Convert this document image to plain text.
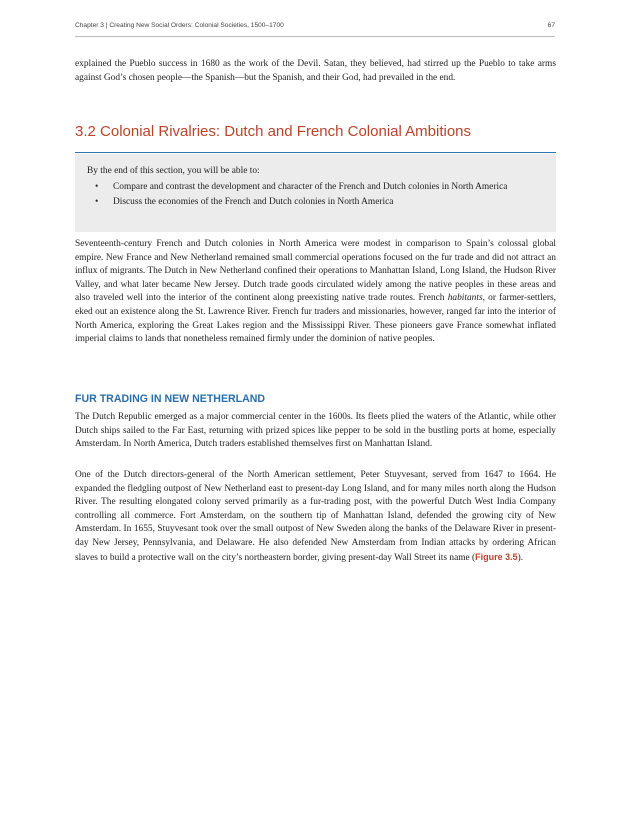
Chapter 3 | Creating New Social Orders: Colonial Societies, 1500–1700	67

explained the Pueblo success in 1680 as the work of the Devil. Satan, they believed, had stirred up the Pueblo to take arms against God’s chosen people—the Spanish—but the Spanish, and their God, had prevailed in the end.

3.2 Colonial Rivalries: Dutch and French Colonial Ambitions
By the end of this section, you will be able to:
• Compare and contrast the development and character of the French and Dutch colonies in North America
• Discuss the economies of the French and Dutch colonies in North America

Seventeenth-century French and Dutch colonies in North America were modest in comparison to Spain’s colossal global empire. New France and New Netherland remained small commercial operations focused on the fur trade and did not attract an influx of migrants. The Dutch in New Netherland confined their operations to Manhattan Island, Long Island, the Hudson River Valley, and what later became New Jersey. Dutch trade goods circulated widely among the native peoples in these areas and also traveled well into the interior of the continent along preexisting native trade routes. French habitants, or farmer-settlers, eked out an existence along the St. Lawrence River. French fur traders and missionaries, however, ranged far into the interior of North America, exploring the Great Lakes region and the Mississippi River. These pioneers gave France somewhat inflated imperial claims to lands that nonetheless remained firmly under the dominion of native peoples.

FUR TRADING IN NEW NETHERLAND

The Dutch Republic emerged as a major commercial center in the 1600s. Its fleets plied the waters of the Atlantic, while other Dutch ships sailed to the Far East, returning with prized spices like pepper to be sold in the bustling ports at home, especially Amsterdam. In North America, Dutch traders established themselves first on Manhattan Island.

One of the Dutch directors-general of the North American settlement, Peter Stuyvesant, served from 1647 to 1664. He expanded the fledgling outpost of New Netherland east to present-day Long Island, and for many miles north along the Hudson River. The resulting elongated colony served primarily as a fur-trading post, with the powerful Dutch West India Company controlling all commerce. Fort Amsterdam, on the southern tip of Manhattan Island, defended the growing city of New Amsterdam. In 1655, Stuyvesant took over the small outpost of New Sweden along the banks of the Delaware River in present-day New Jersey, Pennsylvania, and Delaware. He also defended New Amsterdam from Indian attacks by ordering African slaves to build a protective wall on the city’s northeastern border, giving present-day Wall Street its name (Figure 3.5).
